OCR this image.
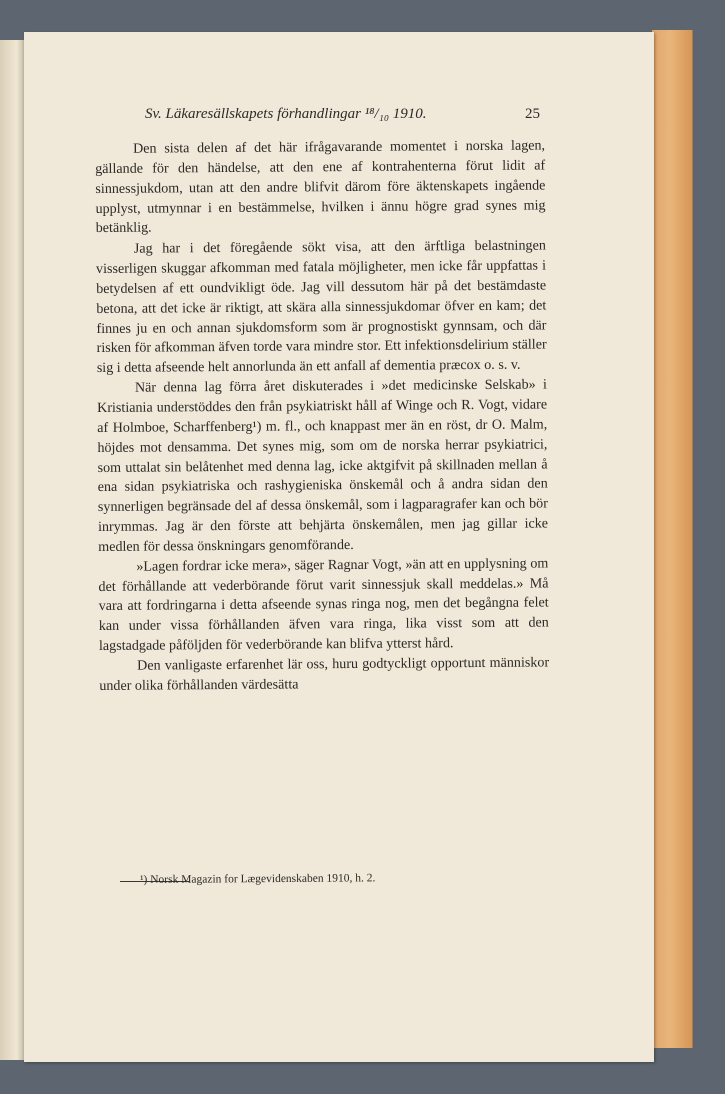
Sv. Läkaresällskapets förhandlingar ¹⁸/₁₀ 1910.	25

Den sista delen af det här ifrågavarande momentet i norska lagen, gällande för den händelse, att den ene af kontrahenterna förut lidit af sinnessjukdom, utan att den andre blifvit därom före äktenskapets ingående upplyst, utmynnar i en bestämmelse, hvilken i ännu högre grad synes mig betänklig.

Jag har i det föregående sökt visa, att den ärftliga belastningen visserligen skuggar afkomman med fatala möjligheter, men icke får uppfattas i betydelsen af ett oundvikligt öde. Jag vill dessutom här på det bestämdaste betona, att det icke är riktigt, att skära alla sinnessjukdomar öfver en kam; det finnes ju en och annan sjukdomsform som är prognostiskt gynnsam, och där risken för afkomman äfven torde vara mindre stor. Ett infektionsdelirium ställer sig i detta afseende helt annorlunda än ett anfall af dementia præcox o. s. v.

När denna lag förra året diskuterades i »det medicinske Selskab» i Kristiania understöddes den från psykiatriskt håll af Winge och R. Vogt, vidare af Holmboe, Scharffenberg¹) m. fl., och knappast mer än en röst, dr O. Malm, höjdes mot densamma. Det synes mig, som om de norska herrar psykiatrici, som uttalat sin belåtenhet med denna lag, icke aktgifvit på skillnaden mellan å ena sidan psykiatriska och rashygieniska önskemål och å andra sidan den synnerligen begränsade del af dessa önskemål, som i lagparagrafer kan och bör inrymmas. Jag är den förste att behjärta önskemålen, men jag gillar icke medlen för dessa önskningars genomförande.

»Lagen fordrar icke mera», säger Ragnar Vogt, »än att en upplysning om det förhållande att vederbörande förut varit sinnessjuk skall meddelas.» Må vara att fordringarna i detta afseende synas ringa nog, men det begångna felet kan under vissa förhållanden äfven vara ringa, lika visst som att den lagstadgade påföljden för vederbörande kan blifva ytterst hård.

Den vanligaste erfarenhet lär oss, huru godtyckligt opportunt människor under olika förhållanden värdesätta

¹) Norsk Magazin for Lægevidenskaben 1910, h. 2.
